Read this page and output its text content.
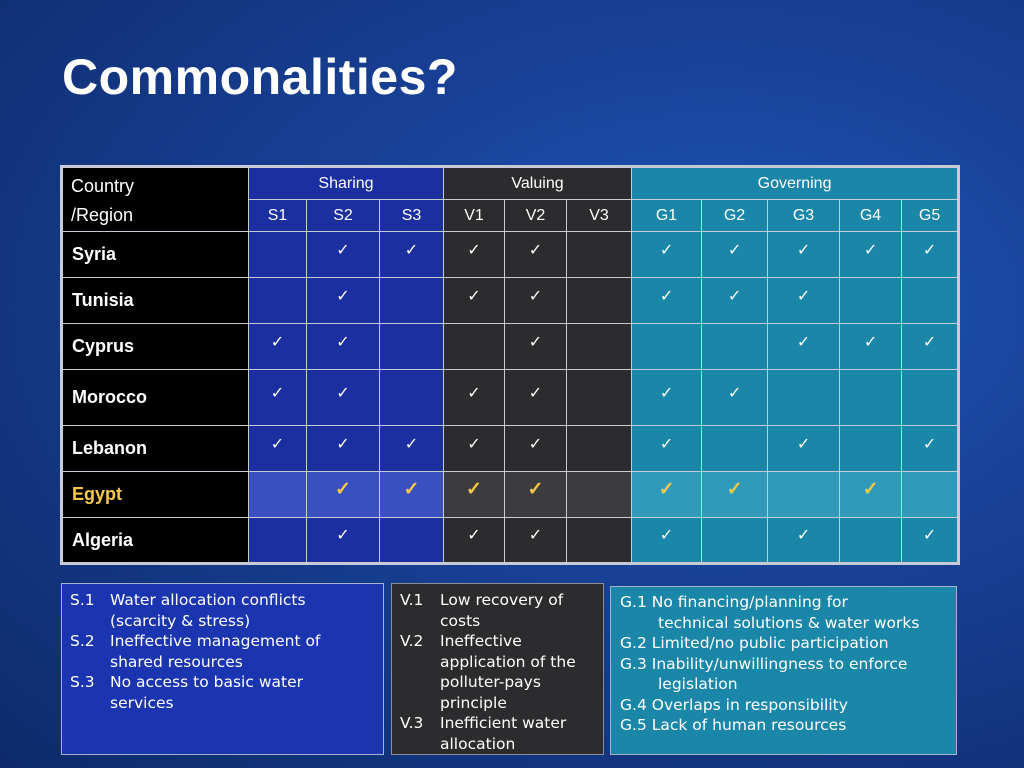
Commonalities?
Country
/Region	Sharing			Valuing			Governing				
	S1	S2	S3	V1	V2	V3	G1	G2	G3	G4	G5
Syria		✓	✓	✓	✓		✓	✓	✓	✓	✓
Tunisia		✓		✓	✓		✓	✓	✓		
Cyprus	✓	✓			✓				✓	✓	✓
Morocco	✓	✓		✓	✓		✓	✓			
Lebanon	✓	✓	✓	✓	✓		✓		✓		✓
Egypt		✓	✓	✓	✓		✓	✓		✓	
Algeria		✓		✓	✓		✓		✓		✓
S.1 Water allocation conflicts
(scarcity & stress)
S.2 Ineffective management of
shared resources
S.3 No access to basic water
services
V.1	Low recovery of
costs
V.2	Ineffective
application of the
polluter-pays
principle
V.3	Inefficient water
allocation
G.1 No financing/planning for
technical solutions & water works
G.2 Limited/no public participation
G.3 Inability/unwillingness to enforce
legislation
G.4 Overlaps in responsibility
G.5 Lack of human resources
